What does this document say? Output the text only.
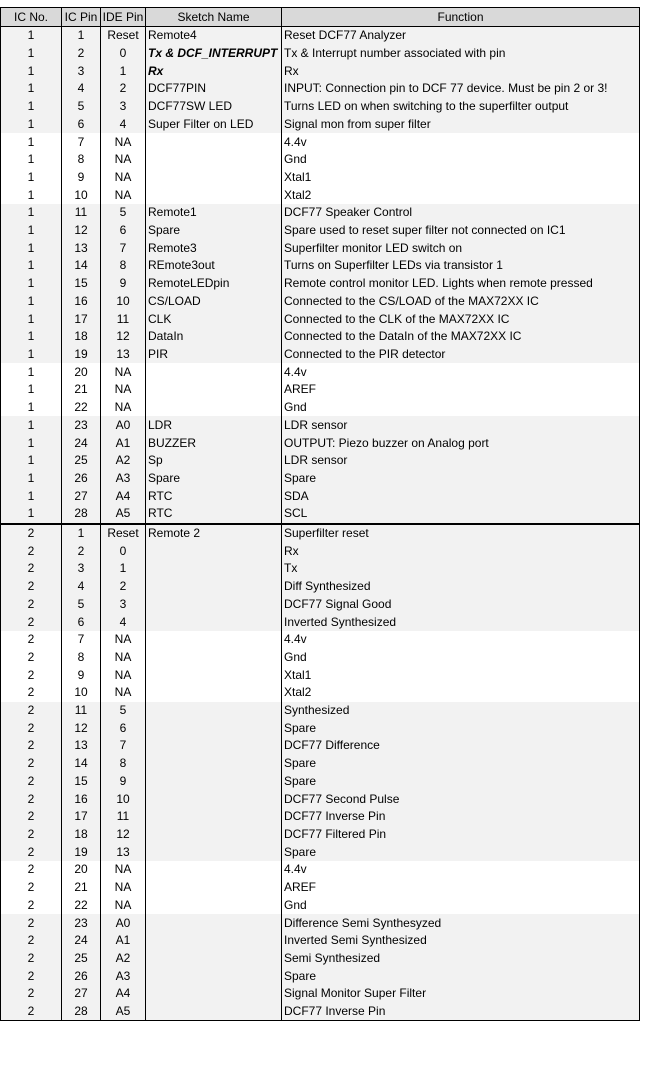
IC No.	IC Pin	IDE Pin	Sketch Name	Function
1	1	Reset	Remote4	Reset DCF77 Analyzer
1	2	0	Tx & DCF_INTERRUPT	Tx & Interrupt number associated with pin
1	3	1	Rx	Rx
1	4	2	DCF77PIN	INPUT: Connection pin to DCF 77 device. Must be pin 2 or 3!
1	5	3	DCF77SW LED	Turns LED on when switching to the superfilter output
1	6	4	Super Filter on LED	Signal mon from super filter
1	7	NA		4.4v
1	8	NA		Gnd
1	9	NA		Xtal1
1	10	NA		Xtal2
1	11	5	Remote1	DCF77 Speaker Control
1	12	6	Spare	Spare used to reset super filter not connected on IC1
1	13	7	Remote3	Superfilter monitor LED switch on
1	14	8	REmote3out	Turns on Superfilter LEDs via transistor 1
1	15	9	RemoteLEDpin	Remote control monitor LED. Lights when remote pressed
1	16	10	CS/LOAD	Connected to the CS/LOAD of the MAX72XX IC
1	17	11	CLK	Connected to the CLK of the MAX72XX IC
1	18	12	DataIn	Connected to the DataIn of the MAX72XX IC
1	19	13	PIR	Connected to the PIR detector
1	20	NA		4.4v
1	21	NA		AREF
1	22	NA		Gnd
1	23	A0	LDR	LDR sensor
1	24	A1	BUZZER	OUTPUT: Piezo buzzer on Analog port
1	25	A2	Sp	LDR sensor
1	26	A3	Spare	Spare
1	27	A4	RTC	SDA
1	28	A5	RTC	SCL
2	1	Reset	Remote 2	Superfilter reset
2	2	0		Rx
2	3	1		Tx
2	4	2		Diff Synthesized
2	5	3		DCF77 Signal Good
2	6	4		Inverted Synthesized
2	7	NA		4.4v
2	8	NA		Gnd
2	9	NA		Xtal1
2	10	NA		Xtal2
2	11	5		Synthesized
2	12	6		Spare
2	13	7		DCF77 Difference
2	14	8		Spare
2	15	9		Spare
2	16	10		DCF77 Second Pulse
2	17	11		DCF77 Inverse Pin
2	18	12		DCF77 Filtered Pin
2	19	13		Spare
2	20	NA		4.4v
2	21	NA		AREF
2	22	NA		Gnd
2	23	A0		Difference Semi Synthesyzed
2	24	A1		Inverted Semi Synthesized
2	25	A2		Semi Synthesized
2	26	A3		Spare
2	27	A4		Signal Monitor Super Filter
2	28	A5		DCF77 Inverse Pin
